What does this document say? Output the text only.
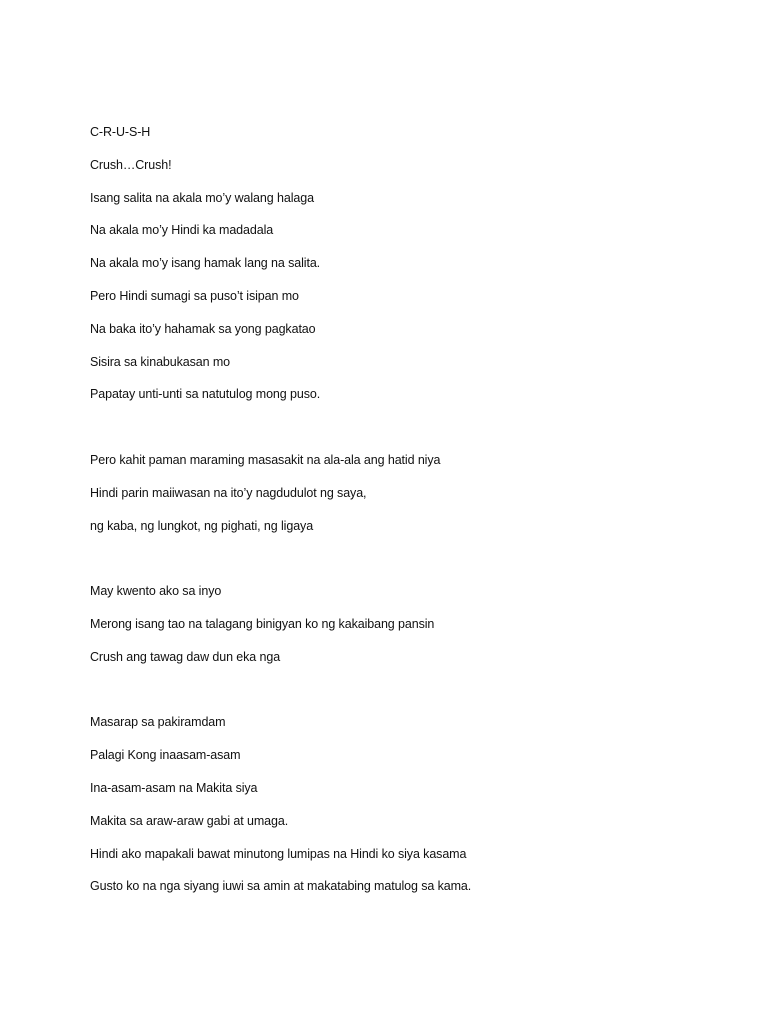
C-R-U-S-H
Crush…Crush!
Isang salita na akala mo’y walang halaga
Na akala mo’y Hindi ka madadala
Na akala mo’y isang hamak lang na salita.
Pero Hindi sumagi sa puso’t isipan mo
Na baka ito’y hahamak sa yong pagkatao
Sisira sa kinabukasan mo
Papatay unti-unti sa natutulog mong puso.
Pero kahit paman maraming masasakit na ala-ala ang hatid niya
Hindi parin maiiwasan na ito’y nagdudulot ng saya,
ng kaba, ng lungkot, ng pighati, ng ligaya
May kwento ako sa inyo
Merong isang tao na talagang binigyan ko ng kakaibang pansin
Crush ang tawag daw dun eka nga
Masarap sa pakiramdam
Palagi Kong inaasam-asam
Ina-asam-asam na Makita siya
Makita sa araw-araw gabi at umaga.
Hindi ako mapakali bawat minutong lumipas na Hindi ko siya kasama
Gusto ko na nga siyang iuwi sa amin at makatabing matulog sa kama.
